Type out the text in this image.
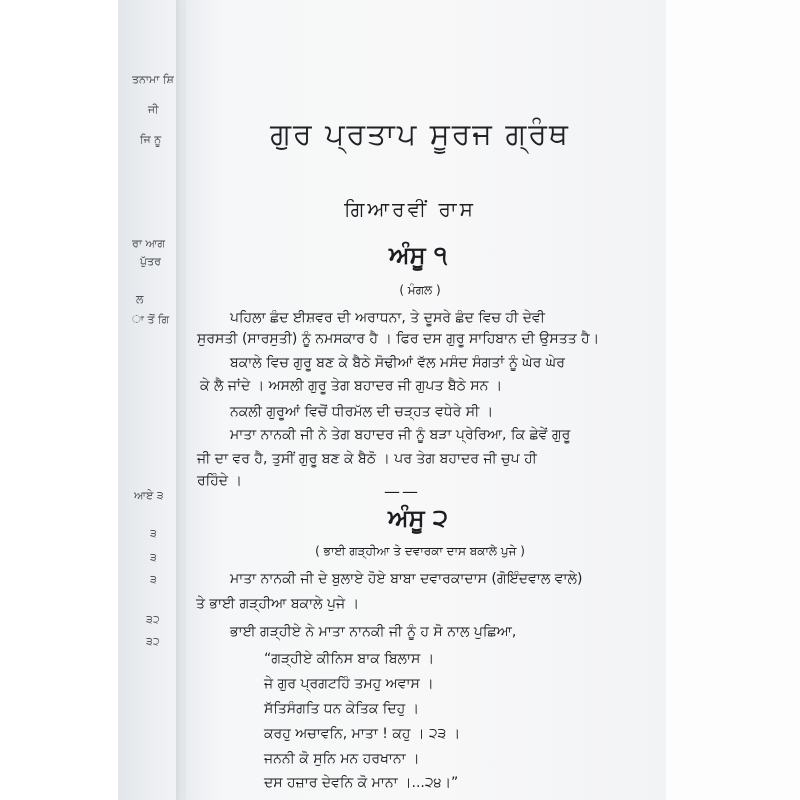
ਤਨਾਮਾ ਸ਼ਿ
ਜੀ
ਜਿ ਨੂ
ਰਾ ਆਗ
ਪੁੱਤਰ
ਲ
ਾ ਤੋਂ ਗਿ
ਆਏ ੩
੩
੩
੩
੩੨
੩੨
ਗੁਰ ਪ੍ਰਤਾਪ ਸੂਰਜ ਗ੍ਰੰਥ
ਗਿਆਰਵੀਂ ਰਾਸ
ਅੰਸੂ ੧
( ਮੰਗਲ )
ਪਹਿਲਾ ਛੰਦ ਈਸ਼ਵਰ ਦੀ ਅਰਾਧਨਾ, ਤੇ ਦੂਸਰੇ ਛੰਦ ਵਿਚ ਹੀ ਦੇਵੀ
ਸੁਰਸਤੀ (ਸਾਰਸੁਤੀ) ਨੂੰ ਨਮਸਕਾਰ ਹੈ । ਫਿਰ ਦਸ ਗੁਰੂ ਸਾਹਿਬਾਨ ਦੀ ਉਸਤਤ ਹੈ।
ਬਕਾਲੇ ਵਿਚ ਗੁਰੂ ਬਣ ਕੇ ਬੈਠੇ ਸੋਢੀਆਂ ਵੱਲ ਮਸੰਦ ਸੰਗਤਾਂ ਨੂੰ ਘੇਰ ਘੇਰ
ਕੇ ਲੈ ਜਾਂਦੇ । ਅਸਲੀ ਗੁਰੂ ਤੇਗ ਬਹਾਦਰ ਜੀ ਗੁਪਤ ਬੈਠੇ ਸਨ ।
ਨਕਲੀ ਗੁਰੂਆਂ ਵਿਚੋਂ ਧੀਰਮੱਲ ਦੀ ਚੜ੍ਹਤ ਵਧੇਰੇ ਸੀ ।
ਮਾਤਾ ਨਾਨਕੀ ਜੀ ਨੇ ਤੇਗ ਬਹਾਦਰ ਜੀ ਨੂੰ ਬੜਾ ਪ੍ਰੇਰਿਆ, ਕਿ ਛੇਵੇਂ ਗੁਰੂ
ਜੀ ਦਾ ਵਰ ਹੈ, ਤੁਸੀਂ ਗੁਰੂ ਬਣ ਕੇ ਬੈਠੋ । ਪਰ ਤੇਗ ਬਹਾਦਰ ਜੀ ਚੁਪ ਹੀ
ਰਹਿੰਦੇ ।
——
ਅੰਸੂ ੨
( ਭਾਈ ਗੜ੍ਹੀਆ ਤੇ ਦਵਾਰਕਾ ਦਾਸ ਬਕਾਲੇ ਪੁਜੇ )
ਮਾਤਾ ਨਾਨਕੀ ਜੀ ਦੇ ਬੁਲਾਏ ਹੋਏ ਬਾਬਾ ਦਵਾਰਕਾਦਾਸ (ਗੋਇੰਦਵਾਲ ਵਾਲੇ)
ਤੇ ਭਾਈ ਗੜ੍ਹੀਆ ਬਕਾਲੇ ਪੁਜੇ ।
ਭਾਈ ਗੜ੍ਹੀਏ ਨੇ ਮਾਤਾ ਨਾਨਕੀ ਜੀ ਨੂੰ ਹ ਸੋ ਨਾਲ ਪੁਛਿਆ,
“ਗੜ੍ਹੀਏ ਕੀਨਿਸ ਬਾਕ ਬਿਲਾਸ ।
ਜੇ ਗੁਰ ਪ੍ਰਗਟਹਿੰ ਤਮਹੁ ਅਵਾਸ ।
ਸੱਤਿਸੰਗਤਿ ਧਨ ਕੇਤਿਕ ਦਿਹੁ ।
ਕਰਹੁ ਅਚਾਵਨਿ, ਮਾਤਾ ! ਕਹੁ । ੨੩ ।
ਜਨਨੀ ਕੋ ਸੁਨਿ ਮਨ ਹਰਖਾਨਾ ।
ਦਸ ਹਜ਼ਾਰ ਦੇਵਨਿ ਕੋ ਮਾਨਾ ।...੨੪।”
